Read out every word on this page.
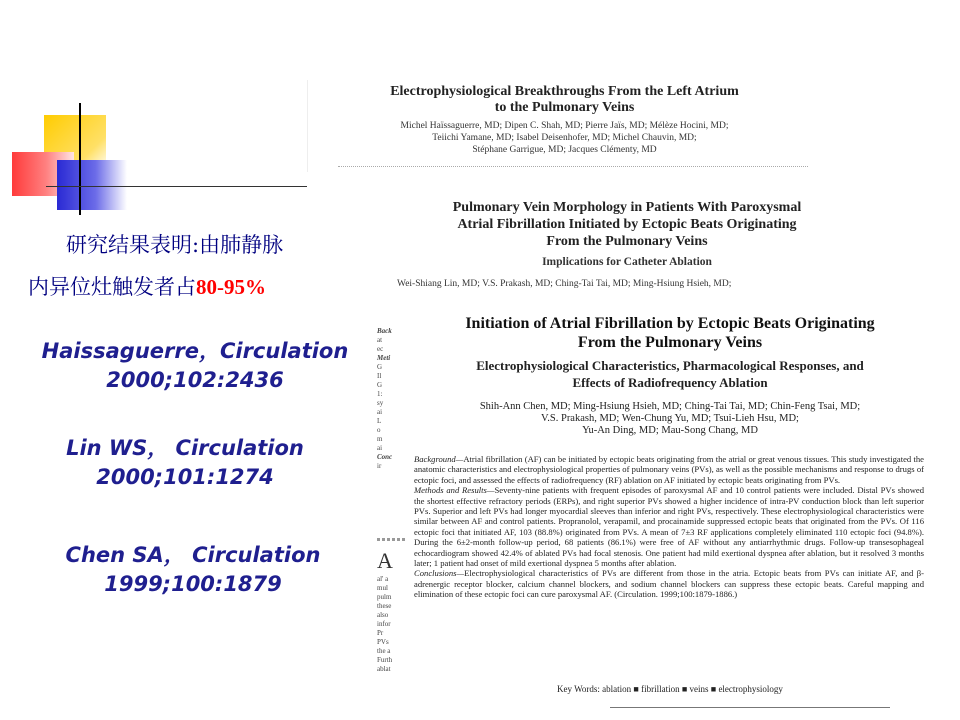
研究结果表明:由肺静脉
内异位灶触发者占80-95%
Haissaguerre，Circulation
2000;102:2436
Lin WS， Circulation
2000;101:1274
Chen SA， Circulation
1999;100:1879
Electrophysiological Breakthroughs From the Left Atrium
to the Pulmonary Veins
Michel Haïssaguerre, MD; Dipen C. Shah, MD; Pierre Jaïs, MD; Mélèze Hocini, MD;
Teiichi Yamane, MD; Isabel Deisenhofer, MD; Michel Chauvin, MD;
Stéphane Garrigue, MD; Jacques Clémenty, MD
Pulmonary Vein Morphology in Patients With Paroxysmal
Atrial Fibrillation Initiated by Ectopic Beats Originating
From the Pulmonary Veins
Implications for Catheter Ablation
Wei-Shiang Lin, MD; V.S. Prakash, MD; Ching-Tai Tai, MD; Ming-Hsiung Hsieh, MD;
Back
at
ec
Meti
G
Il
G
1:
sy
ai
L
o
m
ai
Conc
ir
A
al' a
mul
pulm
these
also
infor
Pr
PVs
the a
Furth
ablat
Initiation of Atrial Fibrillation by Ectopic Beats Originating
From the Pulmonary Veins
Electrophysiological Characteristics, Pharmacological Responses, and
Effects of Radiofrequency Ablation
Shih-Ann Chen, MD; Ming-Hsiung Hsieh, MD; Ching-Tai Tai, MD; Chin-Feng Tsai, MD;
V.S. Prakash, MD; Wen-Chung Yu, MD; Tsui-Lieh Hsu, MD;
Yu-An Ding, MD; Mau-Song Chang, MD

Background—Atrial fibrillation (AF) can be initiated by ectopic beats originating from the atrial or great venous tissues. This study investigated the anatomic characteristics and electrophysiological properties of pulmonary veins (PVs), as well as the possible mechanisms and response to drugs of ectopic foci, and assessed the effects of radiofrequency (RF) ablation on AF initiated by ectopic beats originating from PVs.

Methods and Results—Seventy-nine patients with frequent episodes of paroxysmal AF and 10 control patients were included. Distal PVs showed the shortest effective refractory periods (ERPs), and right superior PVs showed a higher incidence of intra-PV conduction block than left superior PVs. Superior and left PVs had longer myocardial sleeves than inferior and right PVs, respectively. These electrophysiological characteristics were similar between AF and control patients. Propranolol, verapamil, and procainamide suppressed ectopic beats that originated from the PVs. Of 116 ectopic foci that initiated AF, 103 (88.8%) originated from PVs. A mean of 7±3 RF applications completely eliminated 110 ectopic foci (94.8%). During the 6±2-month follow-up period, 68 patients (86.1%) were free of AF without any antiarrhythmic drugs. Follow-up transesophageal echocardiogram showed 42.4% of ablated PVs had focal stenosis. One patient had mild exertional dyspnea after ablation, but it resolved 3 months later; 1 patient had onset of mild exertional dyspnea 5 months after ablation.

Conclusions—Electrophysiological characteristics of PVs are different from those in the atria. Ectopic beats from PVs can initiate AF, and β-adrenergic receptor blocker, calcium channel blockers, and sodium channel blockers can suppress these ectopic beats. Careful mapping and elimination of these ectopic foci can cure paroxysmal AF. (Circulation. 1999;100:1879-1886.)

Key Words: ablation ■ fibrillation ■ veins ■ electrophysiology
